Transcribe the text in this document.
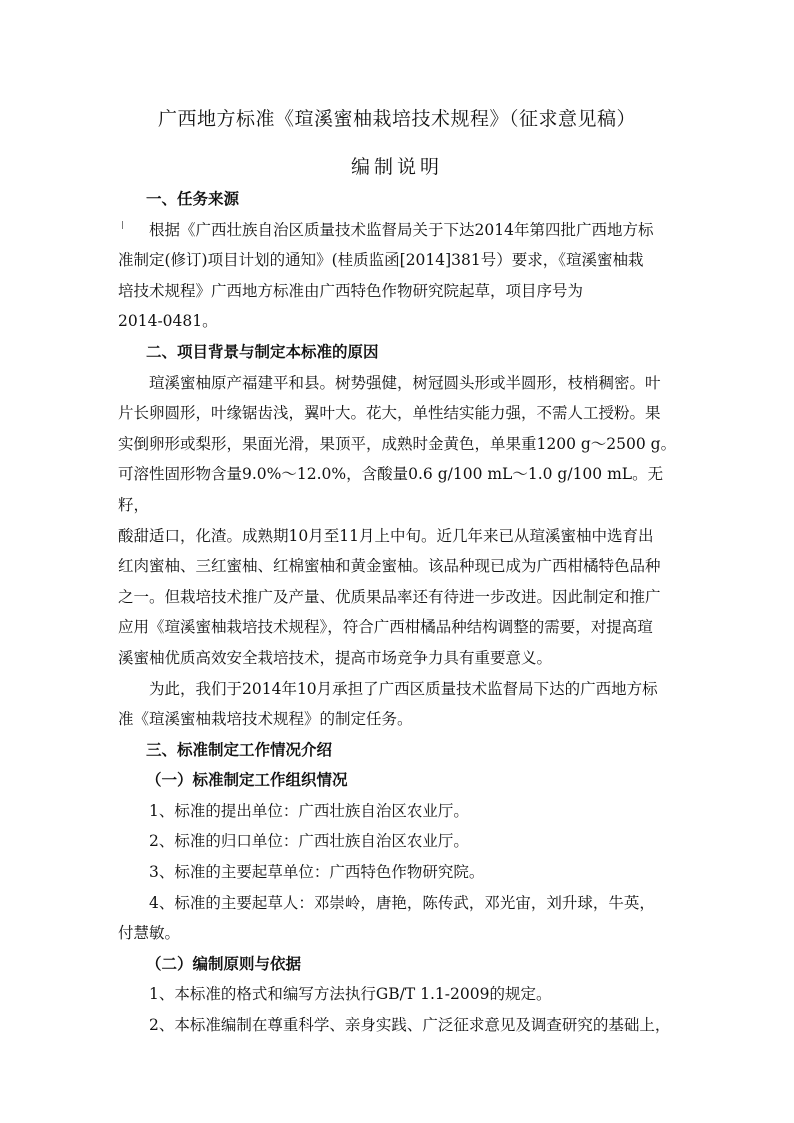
广西地方标准《瑄溪蜜柚栽培技术规程》（征求意见稿）
编制说明

一、任务来源

根据《广西壮族自治区质量技术监督局关于下达2014年第四批广西地方标

准制定(修订)项目计划的通知》(桂质监函[2014]381号）要求，《瑄溪蜜柚栽

培技术规程》广西地方标准由广西特色作物研究院起草，项目序号为

2014-0481。

二、项目背景与制定本标准的原因

瑄溪蜜柚原产福建平和县。树势强健，树冠圆头形或半圆形，枝梢稠密。叶

片长卵圆形，叶缘锯齿浅，翼叶大。花大，单性结实能力强，不需人工授粉。果

实倒卵形或梨形，果面光滑，果顶平，成熟时金黄色，单果重1200 g～2500 g。

可溶性固形物含量9.0%～12.0%，含酸量0.6 g/100 mL～1.0 g/100 mL。无籽，

酸甜适口，化渣。成熟期10月至11月上中旬。近几年来已从瑄溪蜜柚中选育出

红肉蜜柚、三红蜜柚、红棉蜜柚和黄金蜜柚。该品种现已成为广西柑橘特色品种

之一。但栽培技术推广及产量、优质果品率还有待进一步改进。因此制定和推广

应用《瑄溪蜜柚栽培技术规程》，符合广西柑橘品种结构调整的需要，对提高瑄

溪蜜柚优质高效安全栽培技术，提高市场竞争力具有重要意义。

为此，我们于2014年10月承担了广西区质量技术监督局下达的广西地方标

准《瑄溪蜜柚栽培技术规程》的制定任务。

三、标准制定工作情况介绍

（一）标准制定工作组织情况

1、标准的提出单位：广西壮族自治区农业厅。

2、标准的归口单位：广西壮族自治区农业厅。

3、标准的主要起草单位：广西特色作物研究院。

4、标准的主要起草人：邓崇岭，唐艳，陈传武，邓光宙，刘升球，牛英，

付慧敏。

（二）编制原则与依据

1、本标准的格式和编写方法执行GB/T 1.1-2009的规定。

2、本标准编制在尊重科学、亲身实践、广泛征求意见及调查研究的基础上，
